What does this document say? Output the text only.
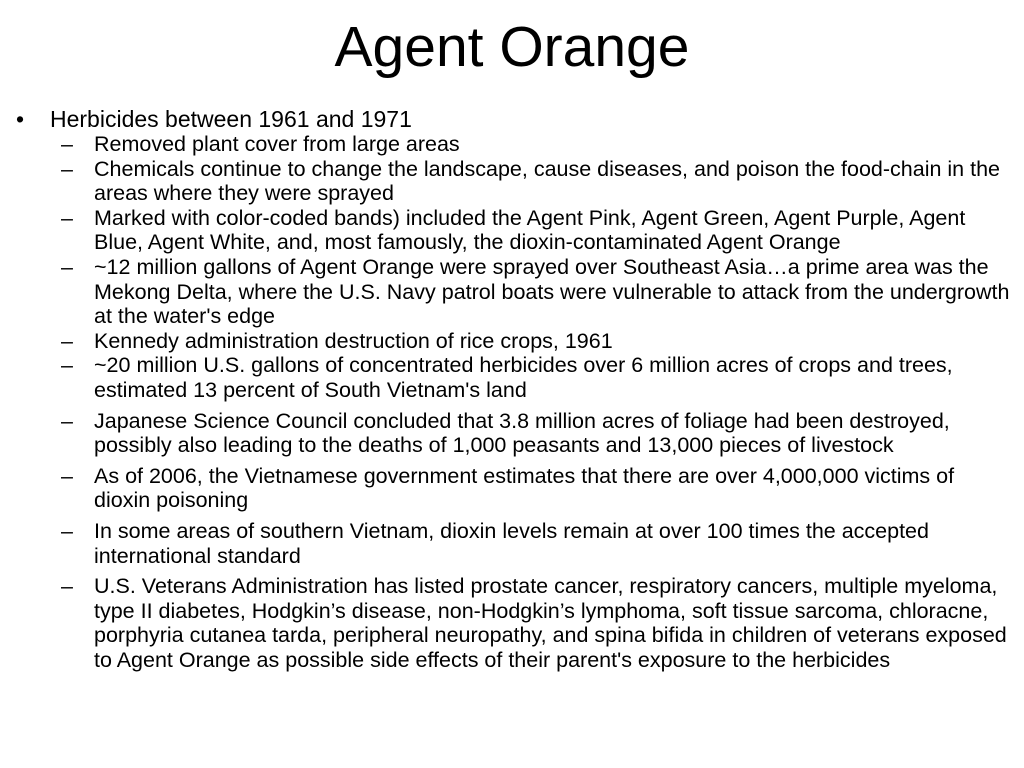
Agent Orange
• Herbicides between 1961 and 1971
– Removed plant cover from large areas
– Chemicals continue to change the landscape, cause diseases, and poison the food-chain in the areas where they were sprayed
– Marked with color-coded bands) included the Agent Pink, Agent Green, Agent Purple, Agent Blue, Agent White, and, most famously, the dioxin-contaminated Agent Orange
– ~12 million gallons of Agent Orange were sprayed over Southeast Asia…a prime area was the Mekong Delta, where the U.S. Navy patrol boats were vulnerable to attack from the undergrowth at the water's edge
– Kennedy administration destruction of rice crops, 1961
– ~20 million U.S. gallons of concentrated herbicides over 6 million acres of crops and trees, estimated 13 percent of South Vietnam's land
– Japanese Science Council concluded that 3.8 million acres of foliage had been destroyed, possibly also leading to the deaths of 1,000 peasants and 13,000 pieces of livestock
– As of 2006, the Vietnamese government estimates that there are over 4,000,000 victims of dioxin poisoning
– In some areas of southern Vietnam, dioxin levels remain at over 100 times the accepted international standard
– U.S. Veterans Administration has listed prostate cancer, respiratory cancers, multiple myeloma, type II diabetes, Hodgkin’s disease, non-Hodgkin’s lymphoma, soft tissue sarcoma, chloracne, porphyria cutanea tarda, peripheral neuropathy, and spina bifida in children of veterans exposed to Agent Orange as possible side effects of their parent's exposure to the herbicides
